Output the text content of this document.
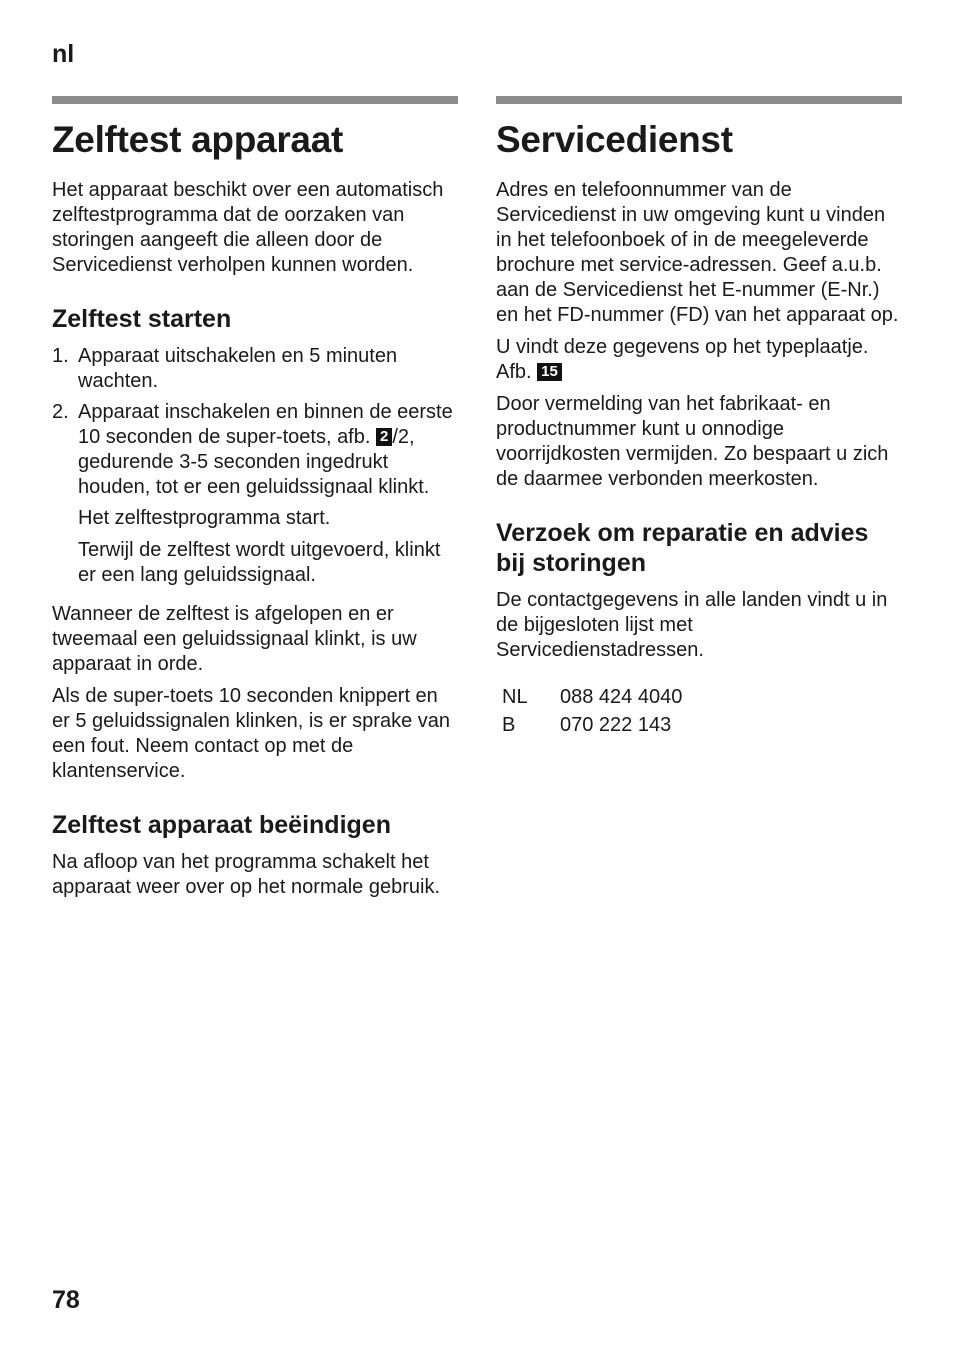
nl
Zelftest apparaat

Het apparaat beschikt over een automatisch zelftestprogramma dat de oorzaken van storingen aangeeft die alleen door de Servicedienst verholpen kunnen worden.

Zelftest starten
1. Apparaat uitschakelen en 5 minuten wachten.
2. Apparaat inschakelen en binnen de eerste 10 seconden de super-toets, afb. 2 /2, gedurende 3-5 seconden ingedrukt houden, tot er een geluidssignaal klinkt.

Het zelftestprogramma start.

Terwijl de zelftest wordt uitgevoerd, klinkt er een lang geluidssignaal.

Wanneer de zelftest is afgelopen en er tweemaal een geluidssignaal klinkt, is uw apparaat in orde.

Als de super-toets 10 seconden knippert en er 5 geluidssignalen klinken, is er sprake van een fout. Neem contact op met de klantenservice.

Zelftest apparaat beëindigen

Na afloop van het programma schakelt het apparaat weer over op het normale gebruik.

Servicedienst

Adres en telefoonnummer van de Servicedienst in uw omgeving kunt u vinden in het telefoonboek of in de meegeleverde brochure met service-adressen. Geef a.u.b. aan de Servicedienst het E-nummer (E-Nr.) en het FD-nummer (FD) van het apparaat op.

U vindt deze gegevens op het typeplaatje. Afb. 15

Door vermelding van het fabrikaat- en productnummer kunt u onnodige voorrijdkosten vermijden. Zo bespaart u zich de daarmee verbonden meerkosten.

Verzoek om reparatie en advies bij storingen

De contactgegevens in alle landen vindt u in de bijgesloten lijst met Servicedienstadressen.

NL	088 424 4040
B	070 222 143
78
